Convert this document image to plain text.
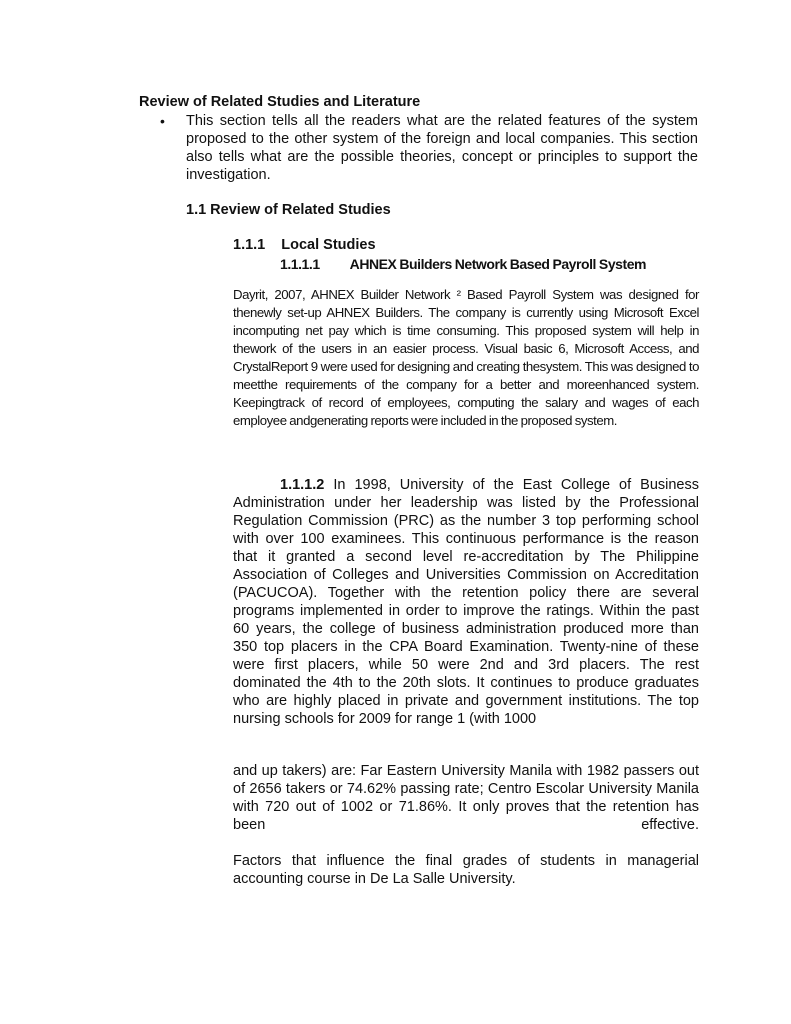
Review of Related Studies and Literature
• This section tells all the readers what are the related features of the system proposed to the other system of the foreign and local companies. This section also tells what are the possible theories, concept or principles to support the investigation.

1.1 Review of Related Studies
1.1.1 Local Studies
1.1.1.1 AHNEX Builders Network Based Payroll System

Dayrit, 2007, AHNEX Builder Network ² Based Payroll System was designed for thenewly set-up AHNEX Builders. The company is currently using Microsoft Excel incomputing net pay which is time consuming. This proposed system will help in thework of the users in an easier process. Visual basic 6, Microsoft Access, and CrystalReport 9 were used for designing and creating thesystem. This was designed to meetthe requirements of the company for a better and moreenhanced system. Keepingtrack of record of employees, computing the salary and wages of each employee andgenerating reports were included in the proposed system.

1.1.1.2 In 1998, University of the East College of Business Administration under her leadership was listed by the Professional Regulation Commission (PRC) as the number 3 top performing school with over 100 examinees. This continuous performance is the reason that it granted a second level re-accreditation by The Philippine Association of Colleges and Universities Commission on Accreditation (PACUCOA). Together with the retention policy there are several programs implemented in order to improve the ratings. Within the past 60 years, the college of business administration produced more than 350 top placers in the CPA Board Examination. Twenty-nine of these were first placers, while 50 were 2nd and 3rd placers. The rest dominated the 4th to the 20th slots. It continues to produce graduates who are highly placed in private and government institutions. The top nursing schools for 2009 for range 1 (with 1000

and up takers) are: Far Eastern University Manila with 1982 passers out of 2656 takers or 74.62% passing rate; Centro Escolar University Manila with 720 out of 1002 or 71.86%. It only proves that the retention has been effective.

Factors that influence the final grades of students in managerial accounting course in De La Salle University.
